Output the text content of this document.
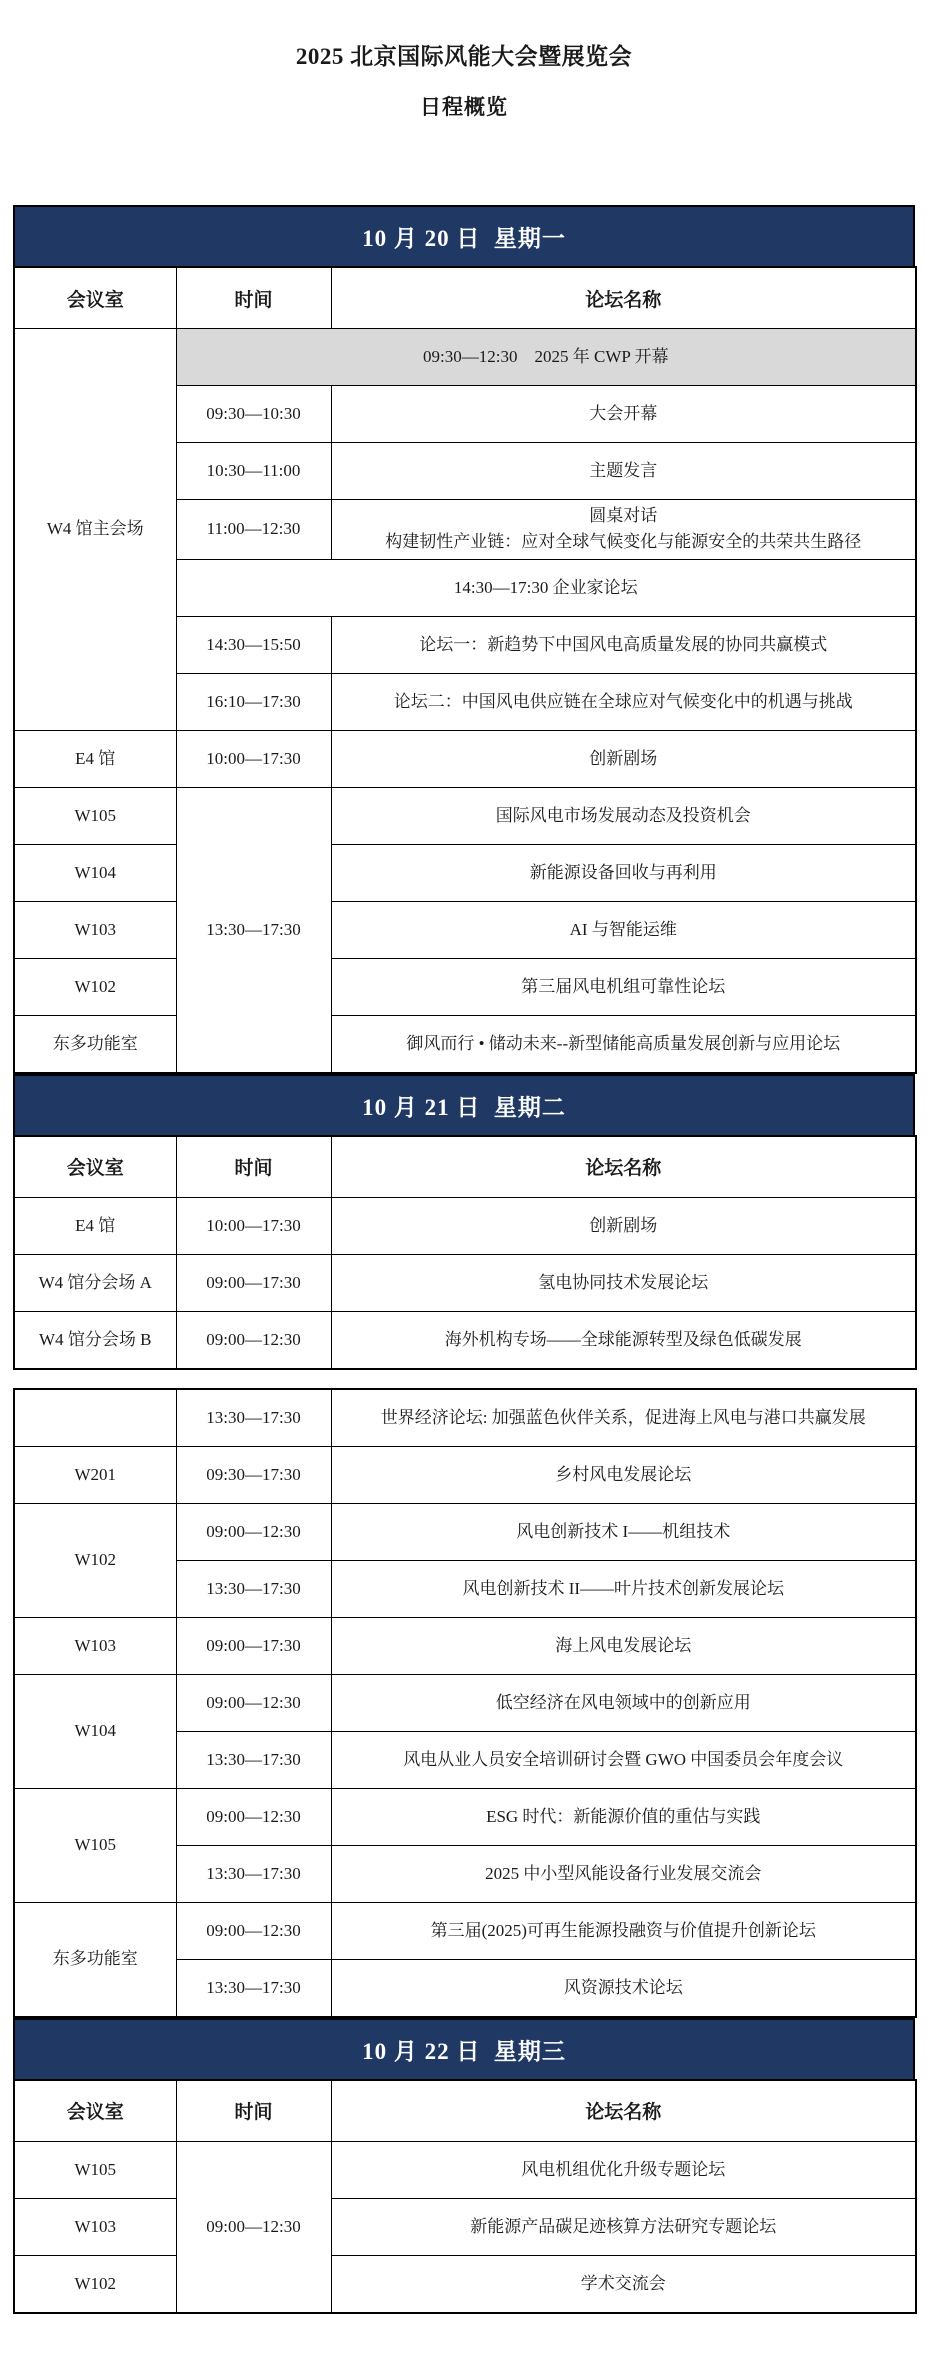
2025 北京国际风能大会暨展览会
日程概览
10 月 20 日  星期一
会议室	时间	论坛名称
W4 馆主会场	09:30—12:30　2025 年 CWP 开幕	
	09:30—10:30	大会开幕
	10:30—11:00	主题发言
	11:00—12:30	圆桌对话
构建韧性产业链：应对全球气候变化与能源安全的共荣共生路径
	14:30—17:30 企业家论坛	
	14:30—15:50	论坛一：新趋势下中国风电高质量发展的协同共赢模式
	16:10—17:30	论坛二：中国风电供应链在全球应对气候变化中的机遇与挑战
E4 馆	10:00—17:30	创新剧场
W105	13:30—17:30	国际风电市场发展动态及投资机会
W104		新能源设备回收与再利用
W103		AI 与智能运维
W102		第三届风电机组可靠性论坛
东多功能室		御风而行 • 储动未来--新型储能高质量发展创新与应用论坛
10 月 21 日  星期二
会议室	时间	论坛名称
E4 馆	10:00—17:30	创新剧场
W4 馆分会场 A	09:00—17:30	氢电协同技术发展论坛
W4 馆分会场 B	09:00—12:30	海外机构专场——全球能源转型及绿色低碳发展
	13:30—17:30	世界经济论坛: 加强蓝色伙伴关系，促进海上风电与港口共赢发展
W201	09:30—17:30	乡村风电发展论坛
W102	09:00—12:30	风电创新技术 I——机组技术
	13:30—17:30	风电创新技术 II——叶片技术创新发展论坛
W103	09:00—17:30	海上风电发展论坛
W104	09:00—12:30	低空经济在风电领域中的创新应用
	13:30—17:30	风电从业人员安全培训研讨会暨 GWO 中国委员会年度会议
W105	09:00—12:30	ESG 时代：新能源价值的重估与实践
	13:30—17:30	2025 中小型风能设备行业发展交流会
东多功能室	09:00—12:30	第三届(2025)可再生能源投融资与价值提升创新论坛
	13:30—17:30	风资源技术论坛
10 月 22 日  星期三
会议室	时间	论坛名称
W105	09:00—12:30	风电机组优化升级专题论坛
W103		新能源产品碳足迹核算方法研究专题论坛
W102		学术交流会
